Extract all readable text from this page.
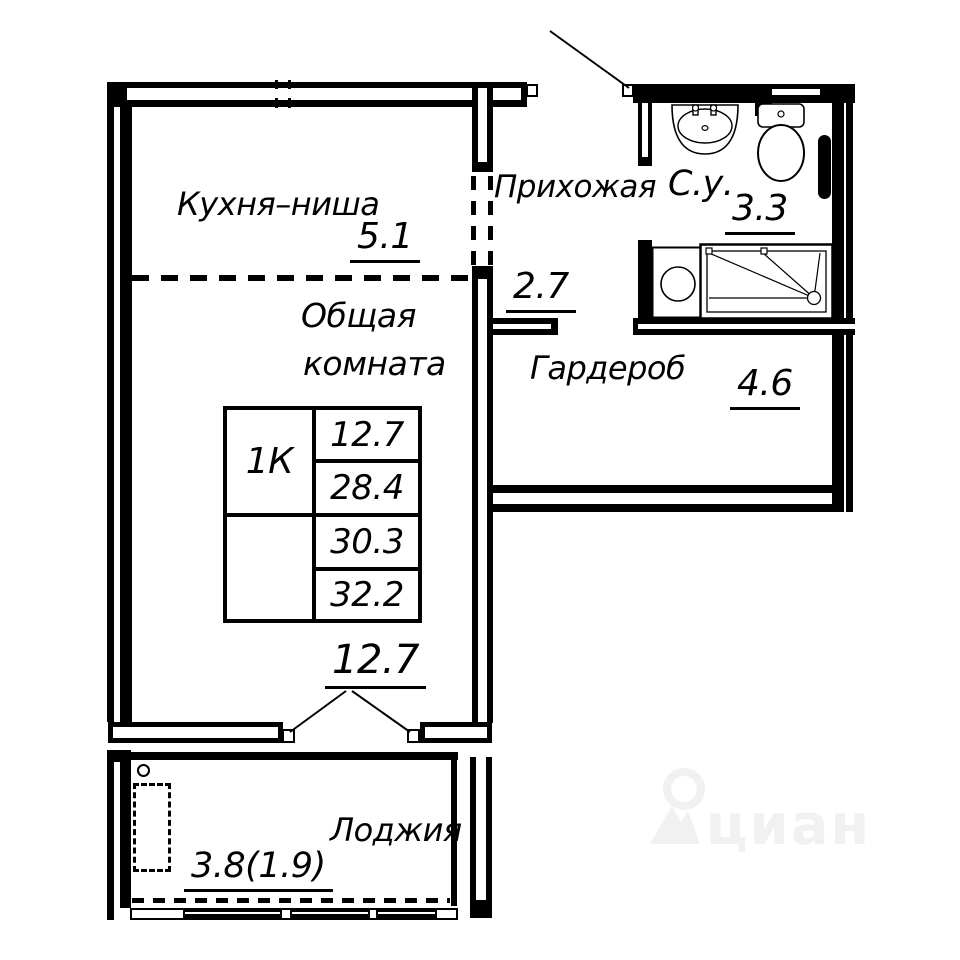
циан
Кухня–ниша
5.1
Прихожая
2.7
С.у.
3.3
Общая
комната
12.7
Гардероб 4.6
Лоджия
3.8(1.9)
1К
12.7
28.4
30.3
32.2
